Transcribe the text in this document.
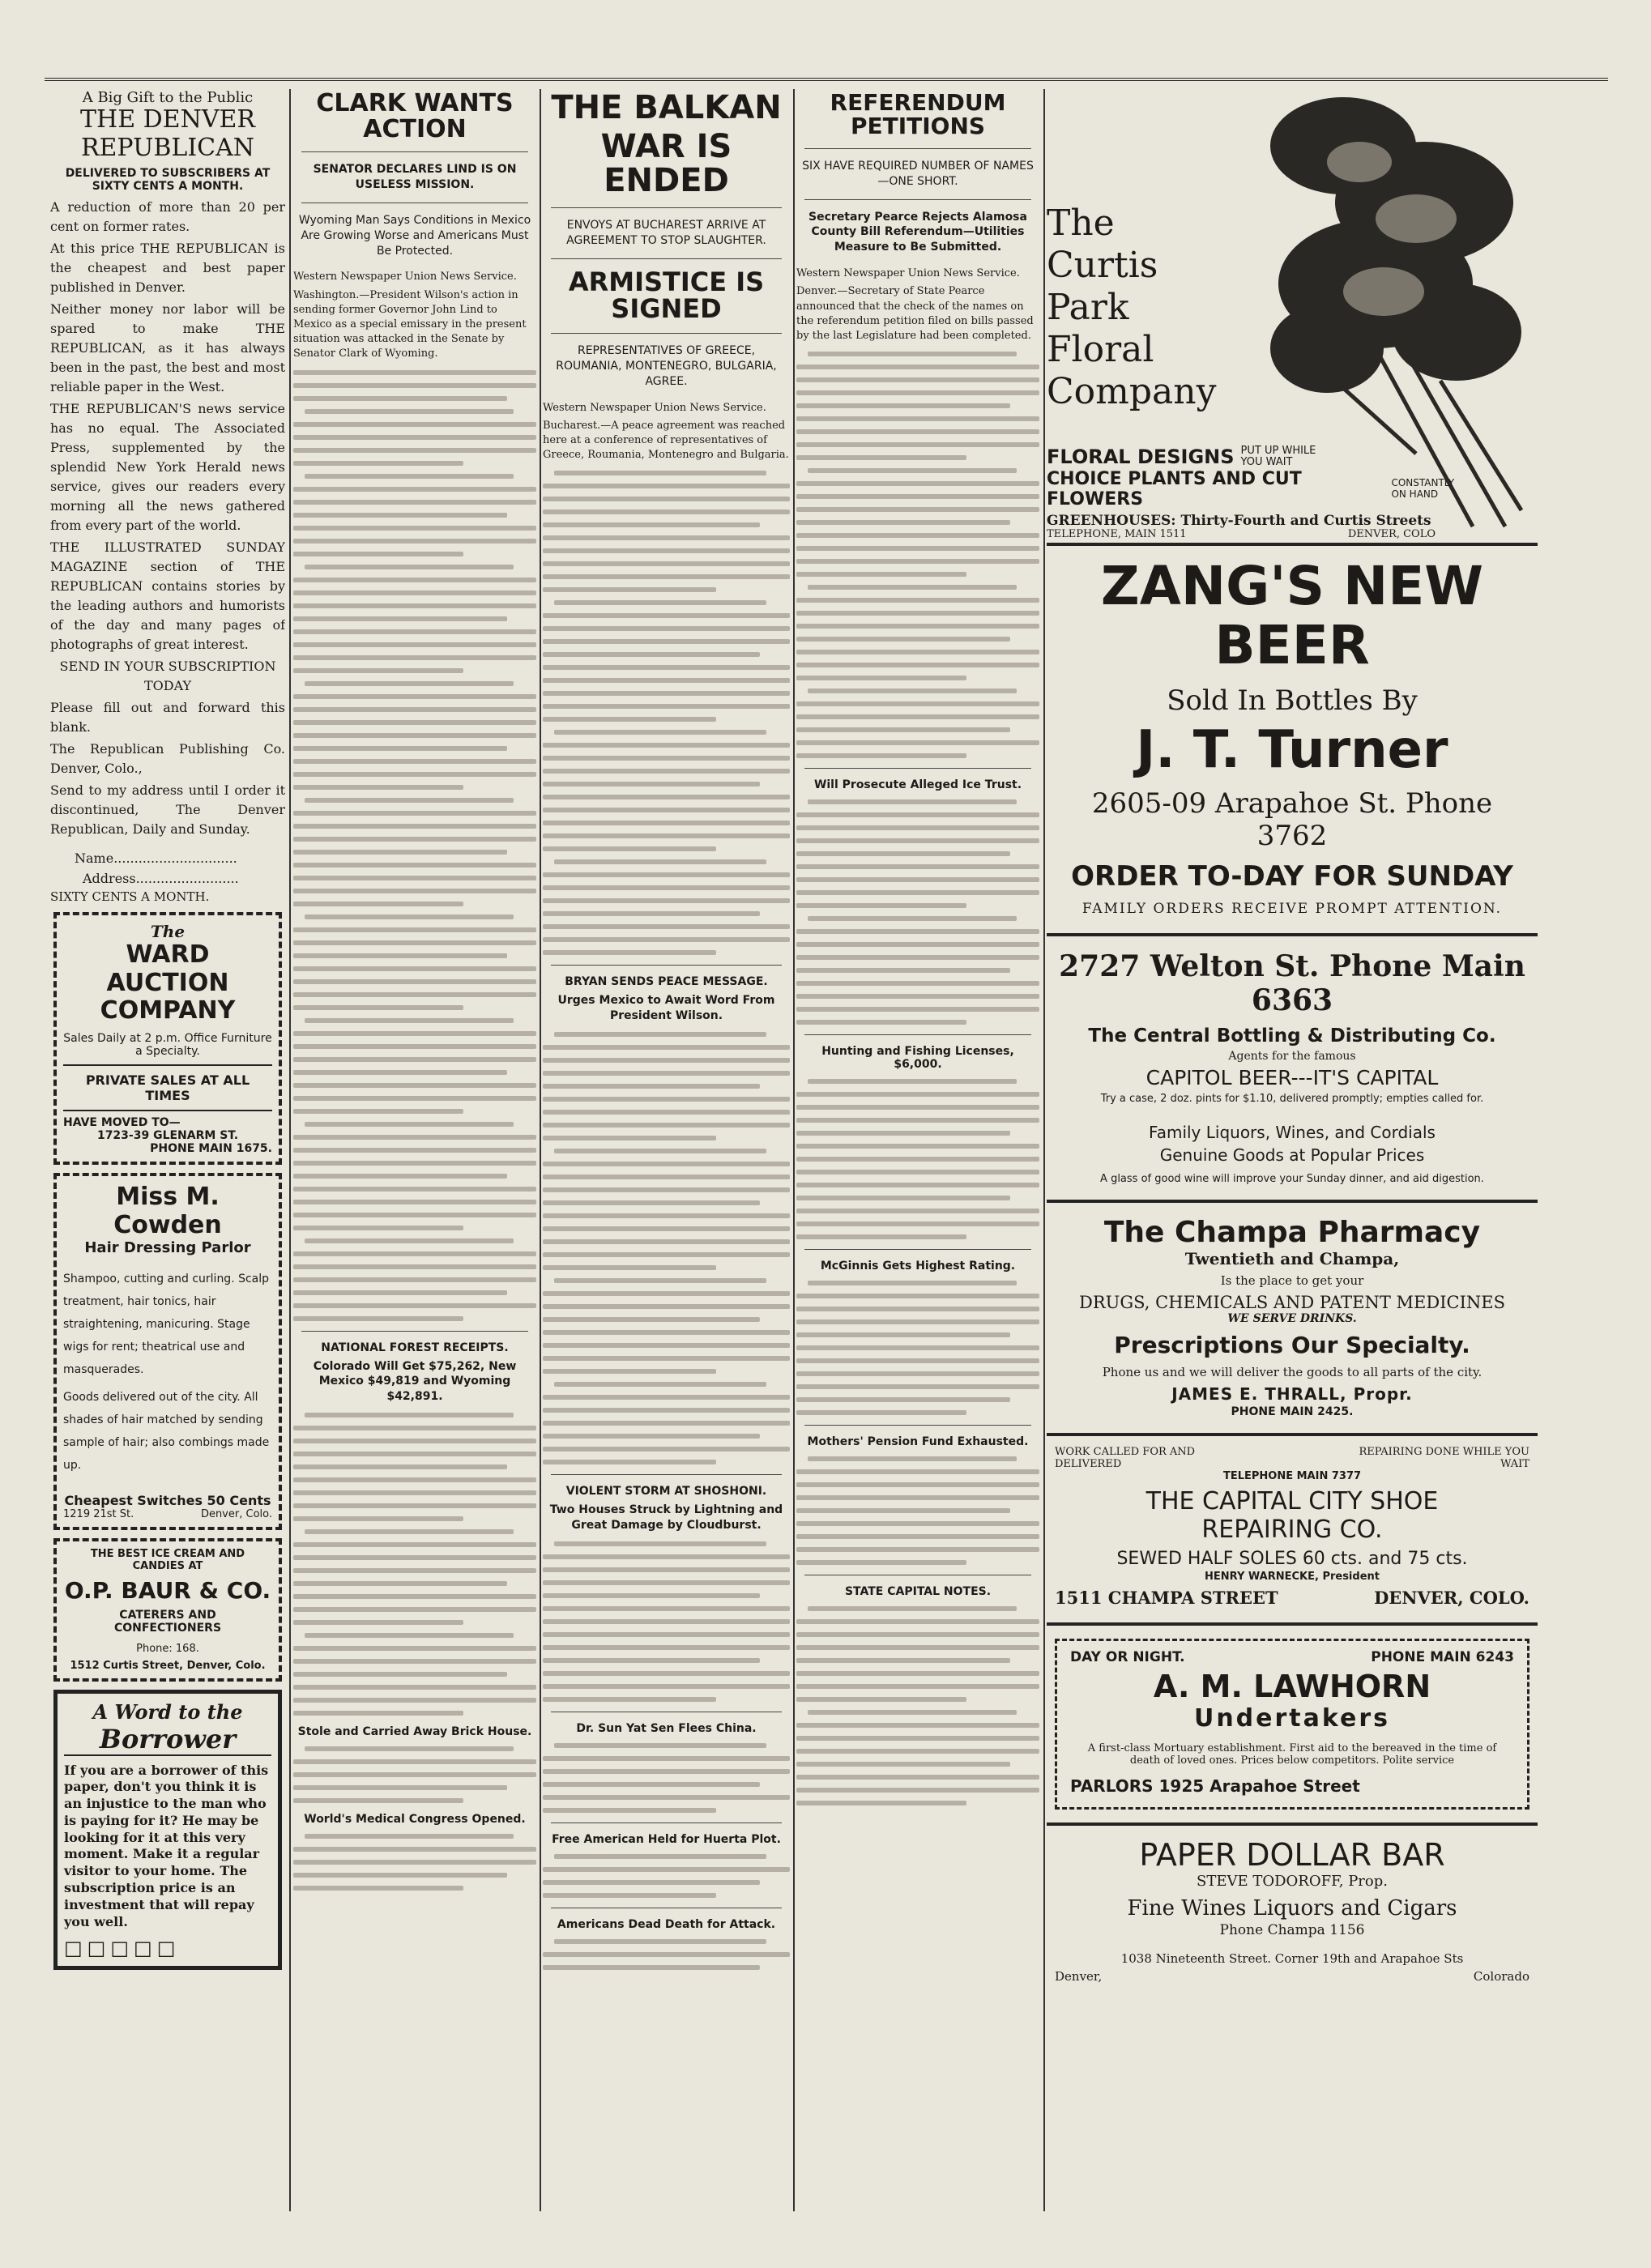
A Big Gift to the Public
THE DENVER
REPUBLICAN
DELIVERED TO SUBSCRIBERS AT
SIXTY CENTS A MONTH.

A reduction of more than 20 per cent on former rates.

At this price THE REPUBLICAN is the cheapest and best paper published in Denver.

Neither money nor labor will be spared to make THE REPUBLICAN, as it has always been in the past, the best and most reliable paper in the West.

THE REPUBLICAN'S news service has no equal. The Associated Press, supplemented by the splendid New York Herald news service, gives our readers every morning all the news gathered from every part of the world.

THE ILLUSTRATED SUNDAY MAGAZINE section of THE REPUBLICAN contains stories by the leading authors and humorists of the day and many pages of photographs of great interest.

SEND IN YOUR SUBSCRIPTION TODAY

Please fill out and forward this blank.

The Republican Publishing Co. Denver, Colo.,

Send to my address until I order it discontinued, The Denver Republican, Daily and Sunday.

Name..............................
Address.........................
SIXTY CENTS A MONTH.
The
WARD AUCTION
COMPANY
Sales Daily at 2 p.m. Office Furniture a Specialty.
PRIVATE SALES AT ALL TIMES
HAVE MOVED TO—
1723-39 GLENARM ST.
PHONE MAIN 1675.
Miss M. Cowden
Hair Dressing Parlor
Shampoo, cutting and curling. Scalp treatment, hair tonics, hair straightening, manicuring. Stage wigs for rent; theatrical use and masquerades.
Goods delivered out of the city. All shades of hair matched by sending sample of hair; also combings made up.
Cheapest Switches 50 Cents
1219 21st St.	Denver, Colo.
THE BEST ICE CREAM AND CANDIES AT
O.P. BAUR & CO.
CATERERS AND
CONFECTIONERS
Phone: 168.
1512 Curtis Street, Denver, Colo.
A Word to the
Borrower
If you are a borrower of this paper, don't you think it is an injustice to the man who is paying for it? He may be looking for it at this very moment. Make it a regular visitor to your home. The subscription price is an investment that will repay you well.
□□□□□
CLARK WANTS ACTION
SENATOR DECLARES LIND IS ON USELESS MISSION.
Wyoming Man Says Conditions in Mexico Are Growing Worse and Americans Must Be Protected.
Western Newspaper Union News Service.
Washington.—President Wilson's action in sending former Governor John Lind to Mexico as a special emissary in the present situation was attacked in the Senate by Senator Clark of Wyoming.
NATIONAL FOREST RECEIPTS.
Colorado Will Get $75,262, New Mexico $49,819 and Wyoming $42,891.
Stole and Carried Away Brick House.
World's Medical Congress Opened.
THE BALKAN
WAR IS ENDED
ENVOYS AT BUCHAREST ARRIVE AT AGREEMENT TO STOP SLAUGHTER.
ARMISTICE IS SIGNED
REPRESENTATIVES OF GREECE, ROUMANIA, MONTENEGRO, BULGARIA, AGREE.
Western Newspaper Union News Service.
Bucharest.—A peace agreement was reached here at a conference of representatives of Greece, Roumania, Montenegro and Bulgaria.
BRYAN SENDS PEACE MESSAGE.
Urges Mexico to Await Word From President Wilson.
VIOLENT STORM AT SHOSHONI.
Two Houses Struck by Lightning and Great Damage by Cloudburst.
Dr. Sun Yat Sen Flees China.
Free American Held for Huerta Plot.
Americans Dead Death for Attack.
REFERENDUM PETITIONS
SIX HAVE REQUIRED NUMBER OF NAMES—ONE SHORT.
Secretary Pearce Rejects Alamosa County Bill Referendum—Utilities Measure to Be Submitted.
Western Newspaper Union News Service.
Denver.—Secretary of State Pearce announced that the check of the names on the referendum petition filed on bills passed by the last Legislature had been completed.
Will Prosecute Alleged Ice Trust.
Hunting and Fishing Licenses, $6,000.
McGinnis Gets Highest Rating.
Mothers' Pension Fund Exhausted.
STATE CAPITAL NOTES.
The
Curtis
Park
Floral
Company
FLORAL DESIGNS PUT UP WHILE YOU WAIT
CHOICE PLANTS AND CUT FLOWERS
CONSTANTLY ON HAND
GREENHOUSES: Thirty-Fourth and Curtis Streets
TELEPHONE, MAIN 1511	DENVER, COLO
ZANG'S NEW
BEER
Sold In Bottles By
J. T. Turner
2605-09 Arapahoe St. Phone 3762
ORDER TO-DAY FOR SUNDAY
FAMILY ORDERS RECEIVE PROMPT ATTENTION.
2727 Welton St. Phone Main 6363
The Central Bottling & Distributing Co.
Agents for the famous
CAPITOL BEER---IT'S CAPITAL
Try a case, 2 doz. pints for $1.10, delivered promptly; empties called for.
Family Liquors, Wines, and Cordials
Genuine Goods at Popular Prices
A glass of good wine will improve your Sunday dinner, and aid digestion.
The Champa Pharmacy
Twentieth and Champa,
Is the place to get your
DRUGS, CHEMICALS AND PATENT MEDICINES
WE SERVE DRINKS.
Prescriptions Our Specialty.
Phone us and we will deliver the goods to all parts of the city.
JAMES E. THRALL, Propr.
PHONE MAIN 2425.
WORK CALLED FOR AND DELIVERED
REPAIRING DONE WHILE YOU WAIT
TELEPHONE MAIN 7377
THE CAPITAL CITY SHOE
REPAIRING CO.
SEWED HALF SOLES 60 cts. and 75 cts.
HENRY WARNECKE, President
1511 CHAMPA STREET	DENVER, COLO.
DAY OR NIGHT.	PHONE MAIN 6243
A. M. LAWHORN
Undertakers
A first-class Mortuary establishment. First aid to the bereaved in the time of death of loved ones. Prices below competitors. Polite service
PARLORS 1925 Arapahoe Street
PAPER DOLLAR BAR
STEVE TODOROFF, Prop.
Fine Wines Liquors and Cigars
Phone Champa 1156
1038 Nineteenth Street. Corner 19th and Arapahoe Sts
Denver,	Colorado
